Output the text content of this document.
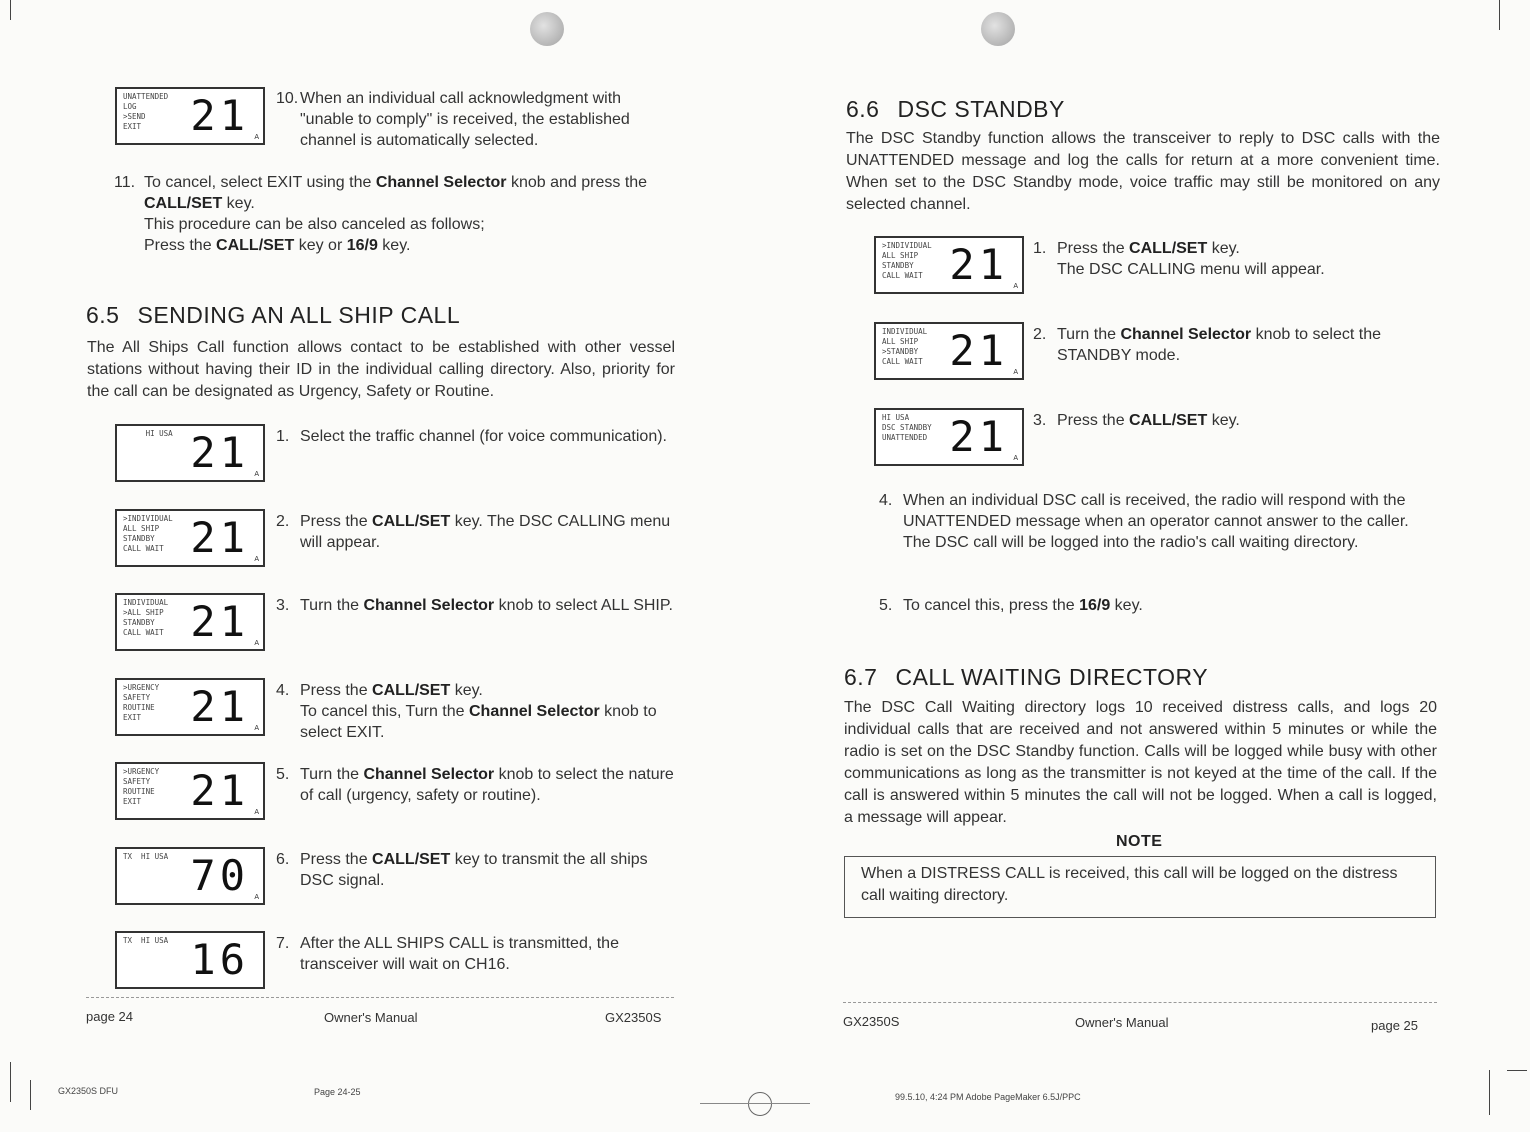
UNATTENDED
LOG
>SEND
EXIT	21 A
10. When an individual call acknowledgment with "unable to comply" is received, the established channel is automatically selected.
11. To cancel, select EXIT using the Channel Selector knob and press the CALL/SET key.
This procedure can be also canceled as follows;
Press the CALL/SET key or 16/9 key.
6.5 SENDING AN ALL SHIP CALL
The All Ships Call function allows contact to be established with other vessel stations without having their ID in the individual calling directory. Also, priority for the call can be designated as Urgency, Safety or Routine.
HI USA 21 A
1. Select the traffic channel (for voice communication).
>INDIVIDUAL
ALL SHIP
STANDBY
CALL WAIT 21 A
2. Press the CALL/SET key. The DSC CALLING menu will appear.
INDIVIDUAL
>ALL SHIP
STANDBY
CALL WAIT 21 A
3. Turn the Channel Selector knob to select ALL SHIP.
>URGENCY
SAFETY
ROUTINE
EXIT	21 A
4. Press the CALL/SET key.
To cancel this, Turn the Channel Selector knob to select EXIT.
>URGENCY
SAFETY
ROUTINE
EXIT	21 A
5. Turn the Channel Selector knob to select the nature of call (urgency, safety or routine).
TX  HI USA 70 A
6. Press the CALL/SET key to transmit the all ships DSC signal.
TX  HI USA 16 7. After the ALL SHIPS CALL is transmitted, the transceiver will wait on CH16.
page 24	Owner's Manual	GX2350S
GX2350S DFU	Page 24-25
6.6 DSC STANDBY
The DSC Standby function allows the transceiver to reply to DSC calls with the UNATTENDED message and log the calls for return at a more convenient time. When set to the DSC Standby mode, voice traffic may still be monitored on any selected channel.
>INDIVIDUAL
ALL SHIP
STANDBY
CALL WAIT 21 A
1. Press the CALL/SET key.
The DSC CALLING menu will appear.
INDIVIDUAL
ALL SHIP
>STANDBY
CALL WAIT 21 A
2. Turn the Channel Selector knob to select the STANDBY mode.
HI USA
DSC STANDBY
UNATTENDED 21 A
3. Press the CALL/SET key.
4. When an individual DSC call is received, the radio will respond with the UNATTENDED message when an operator cannot answer to the caller.
The DSC call will be logged into the radio's call waiting directory.
5. To cancel this, press the 16/9 key.
6.7 CALL WAITING DIRECTORY
The DSC Call Waiting directory logs 10 received distress calls, and logs 20 individual calls that are received and not answered within 5 minutes or while the radio is set on the DSC Standby function. Calls will be logged while busy with other communications as long as the transmitter is not keyed at the time of the call. If the call is answered within 5 minutes the call will not be logged. When a call is logged, a message will appear.
NOTE
When a DISTRESS CALL is received, this call will be logged on the distress call waiting directory.
GX2350S	Owner's Manual	page 25
99.5.10, 4:24 PM Adobe PageMaker 6.5J/PPC
